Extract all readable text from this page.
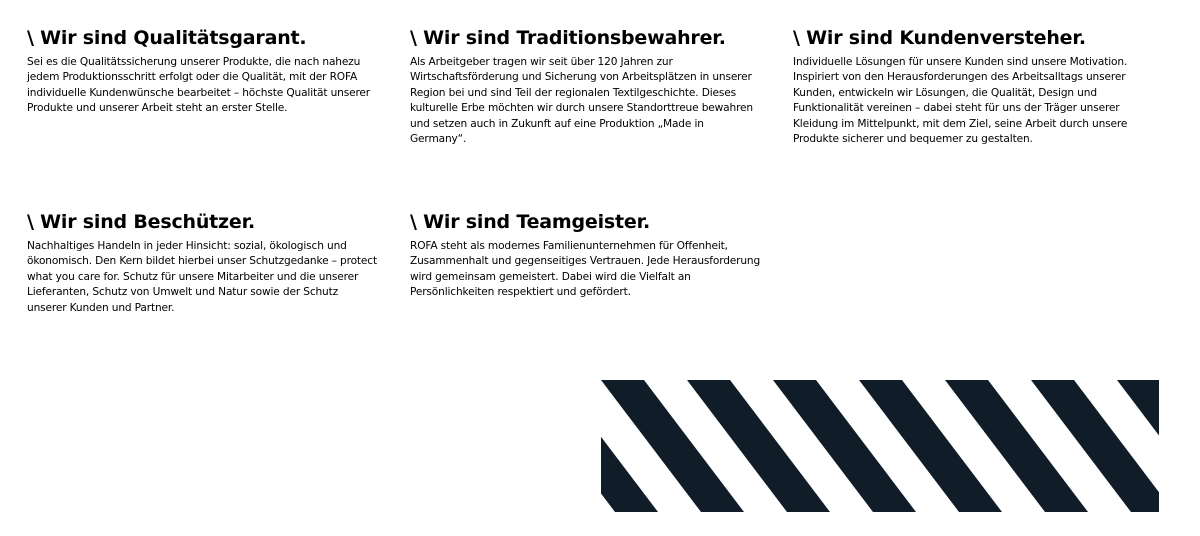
\ Wir sind Qualitätsgarant.

Sei es die Qualitätssicherung unserer Produkte, die nach nahezu jedem Produktionsschritt erfolgt oder die Qualität, mit der ROFA individuelle Kundenwünsche bearbeitet – höchste Qualität unserer Produkte und unserer Arbeit steht an erster Stelle.

\ Wir sind Traditionsbewahrer.

Als Arbeitgeber tragen wir seit über 120 Jahren zur Wirtschaftsförderung und Sicherung von Arbeitsplätzen in unserer Region bei und sind Teil der regionalen Textilgeschichte. Dieses kulturelle Erbe möchten wir durch unsere Standorttreue bewahren und setzen auch in Zukunft auf eine Produktion „Made in Germany“.

\ Wir sind Kundenversteher.

Individuelle Lösungen für unsere Kunden sind unsere Motivation. Inspiriert von den Herausforderungen des Arbeitsalltags unserer Kunden, entwickeln wir Lösungen, die Qualität, Design und Funktionalität vereinen – dabei steht für uns der Träger unserer Kleidung im Mittelpunkt, mit dem Ziel, seine Arbeit durch unsere Produkte sicherer und bequemer zu gestalten.

\ Wir sind Beschützer.

Nachhaltiges Handeln in jeder Hinsicht: sozial, ökologisch und ökonomisch. Den Kern bildet hierbei unser Schutzgedanke – protect what you care for. Schutz für unsere Mitarbeiter und die unserer Lieferanten, Schutz von Umwelt und Natur sowie der Schutz unserer Kunden und Partner.

\ Wir sind Teamgeister.

ROFA steht als modernes Familienunternehmen für Offenheit, Zusammenhalt und gegenseitiges Vertrauen. Jede Herausforderung wird gemeinsam gemeistert. Dabei wird die Vielfalt an Persönlichkeiten respektiert und gefördert.
